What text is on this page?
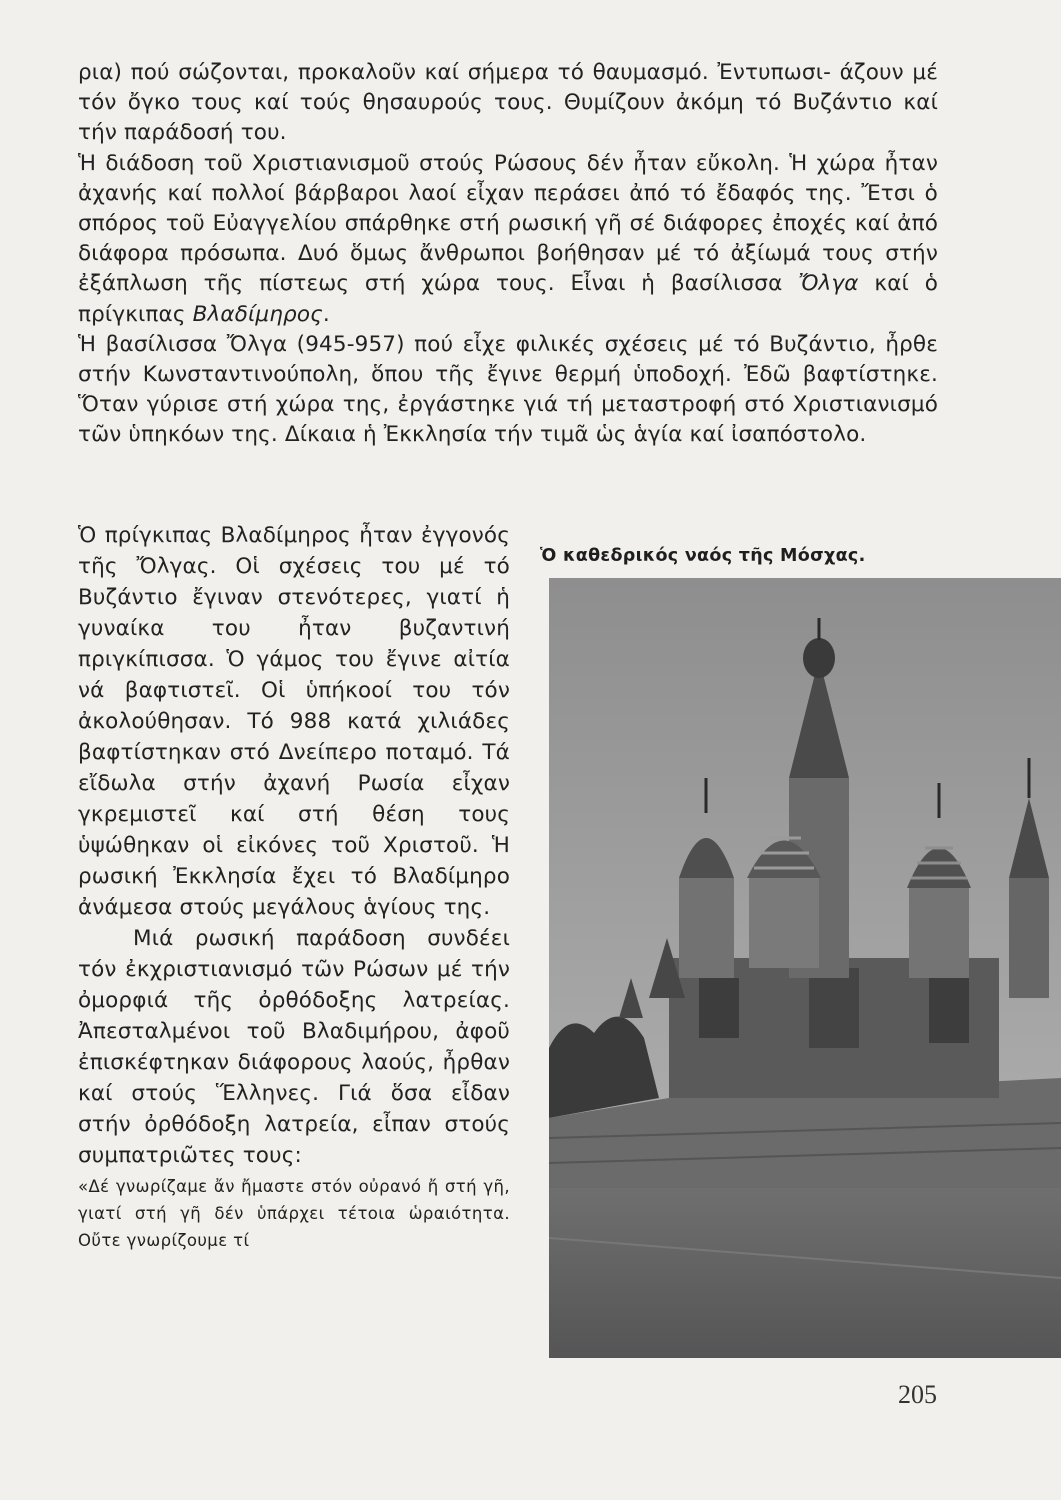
ρια) πού σώζονται, προκαλοῦν καί σήμερα τό θαυμασμό. Ἐντυπωσι- άζουν μέ τόν ὄγκο τους καί τούς θησαυρούς τους. Θυμίζουν ἀκόμη τό Βυζάντιο καί τήν παράδοσή του.

Ἡ διάδοση τοῦ Χριστιανισμοῦ στούς Ρώσους δέν ἦταν εὔκολη. Ἡ χώρα ἦταν ἀχανής καί πολλοί βάρβαροι λαοί εἶχαν περάσει ἀπό τό ἔδαφός της. Ἔτσι ὁ σπόρος τοῦ Εὐαγγελίου σπάρθηκε στή ρωσική γῆ σέ διάφορες ἐποχές καί ἀπό διάφορα πρόσωπα. Δυό ὅμως ἄνθρωποι βοήθησαν μέ τό ἀξίωμά τους στήν ἐξάπλωση τῆς πίστεως στή χώρα τους. Εἶναι ἡ βασίλισσα Ὄλγα καί ὁ πρίγκιπας Βλαδίμηρος.

Ἡ βασίλισσα Ὄλγα (945-957) πού εἶχε φιλικές σχέσεις μέ τό Βυζάντιο, ἦρθε στήν Κωνσταντινούπολη, ὅπου τῆς ἔγινε θερμή ὑποδοχή. Ἐδῶ βαφτίστηκε. Ὅταν γύρισε στή χώρα της, ἐργάστηκε γιά τή μεταστροφή στό Χριστιανισμό τῶν ὑπηκόων της. Δίκαια ἡ Ἐκκλησία τήν τιμᾶ ὡς ἁγία καί ἰσαπόστολο.

Ὁ πρίγκιπας Βλαδίμηρος ἦταν ἐγγονός τῆς Ὄλγας. Οἱ σχέσεις του μέ τό Βυζάντιο ἔγιναν στενότερες, γιατί ἡ γυναίκα του ἦταν βυζαντινή πριγκίπισσα. Ὁ γάμος του ἔγινε αἰτία νά βαφτιστεῖ. Οἱ ὑπήκοοί του τόν ἀκολούθησαν. Τό 988 κατά χιλιάδες βαφτίστηκαν στό Δνείπερο ποταμό. Τά εἴδωλα στήν ἀχανή Ρωσία εἶχαν γκρεμιστεῖ καί στή θέση τους ὑψώθηκαν οἱ εἰκόνες τοῦ Χριστοῦ. Ἡ ρωσική Ἐκκλησία ἔχει τό Βλαδίμηρο ἀνάμεσα στούς μεγάλους ἁγίους της.

Μιά ρωσική παράδοση συνδέει τόν ἐκχριστιανισμό τῶν Ρώσων μέ τήν ὀμορφιά τῆς ὀρθόδοξης λατρείας. Ἀπεσταλμένοι τοῦ Βλαδιμήρου, ἀφοῦ ἐπισκέφτηκαν διάφορους λαούς, ἦρθαν καί στούς Ἕλληνες. Γιά ὅσα εἶδαν στήν ὀρθόδοξη λατρεία, εἶπαν στούς συμπατριῶτες τους:

«Δέ γνωρίζαμε ἄν ἤμαστε στόν οὐρανό ἤ στή γῆ, γιατί στή γῆ δέν ὑπάρχει τέτοια ὡραιότητα. Οὔτε γνωρίζουμε τί

Ὁ καθεδρικός ναός τῆς Μόσχας.
205
